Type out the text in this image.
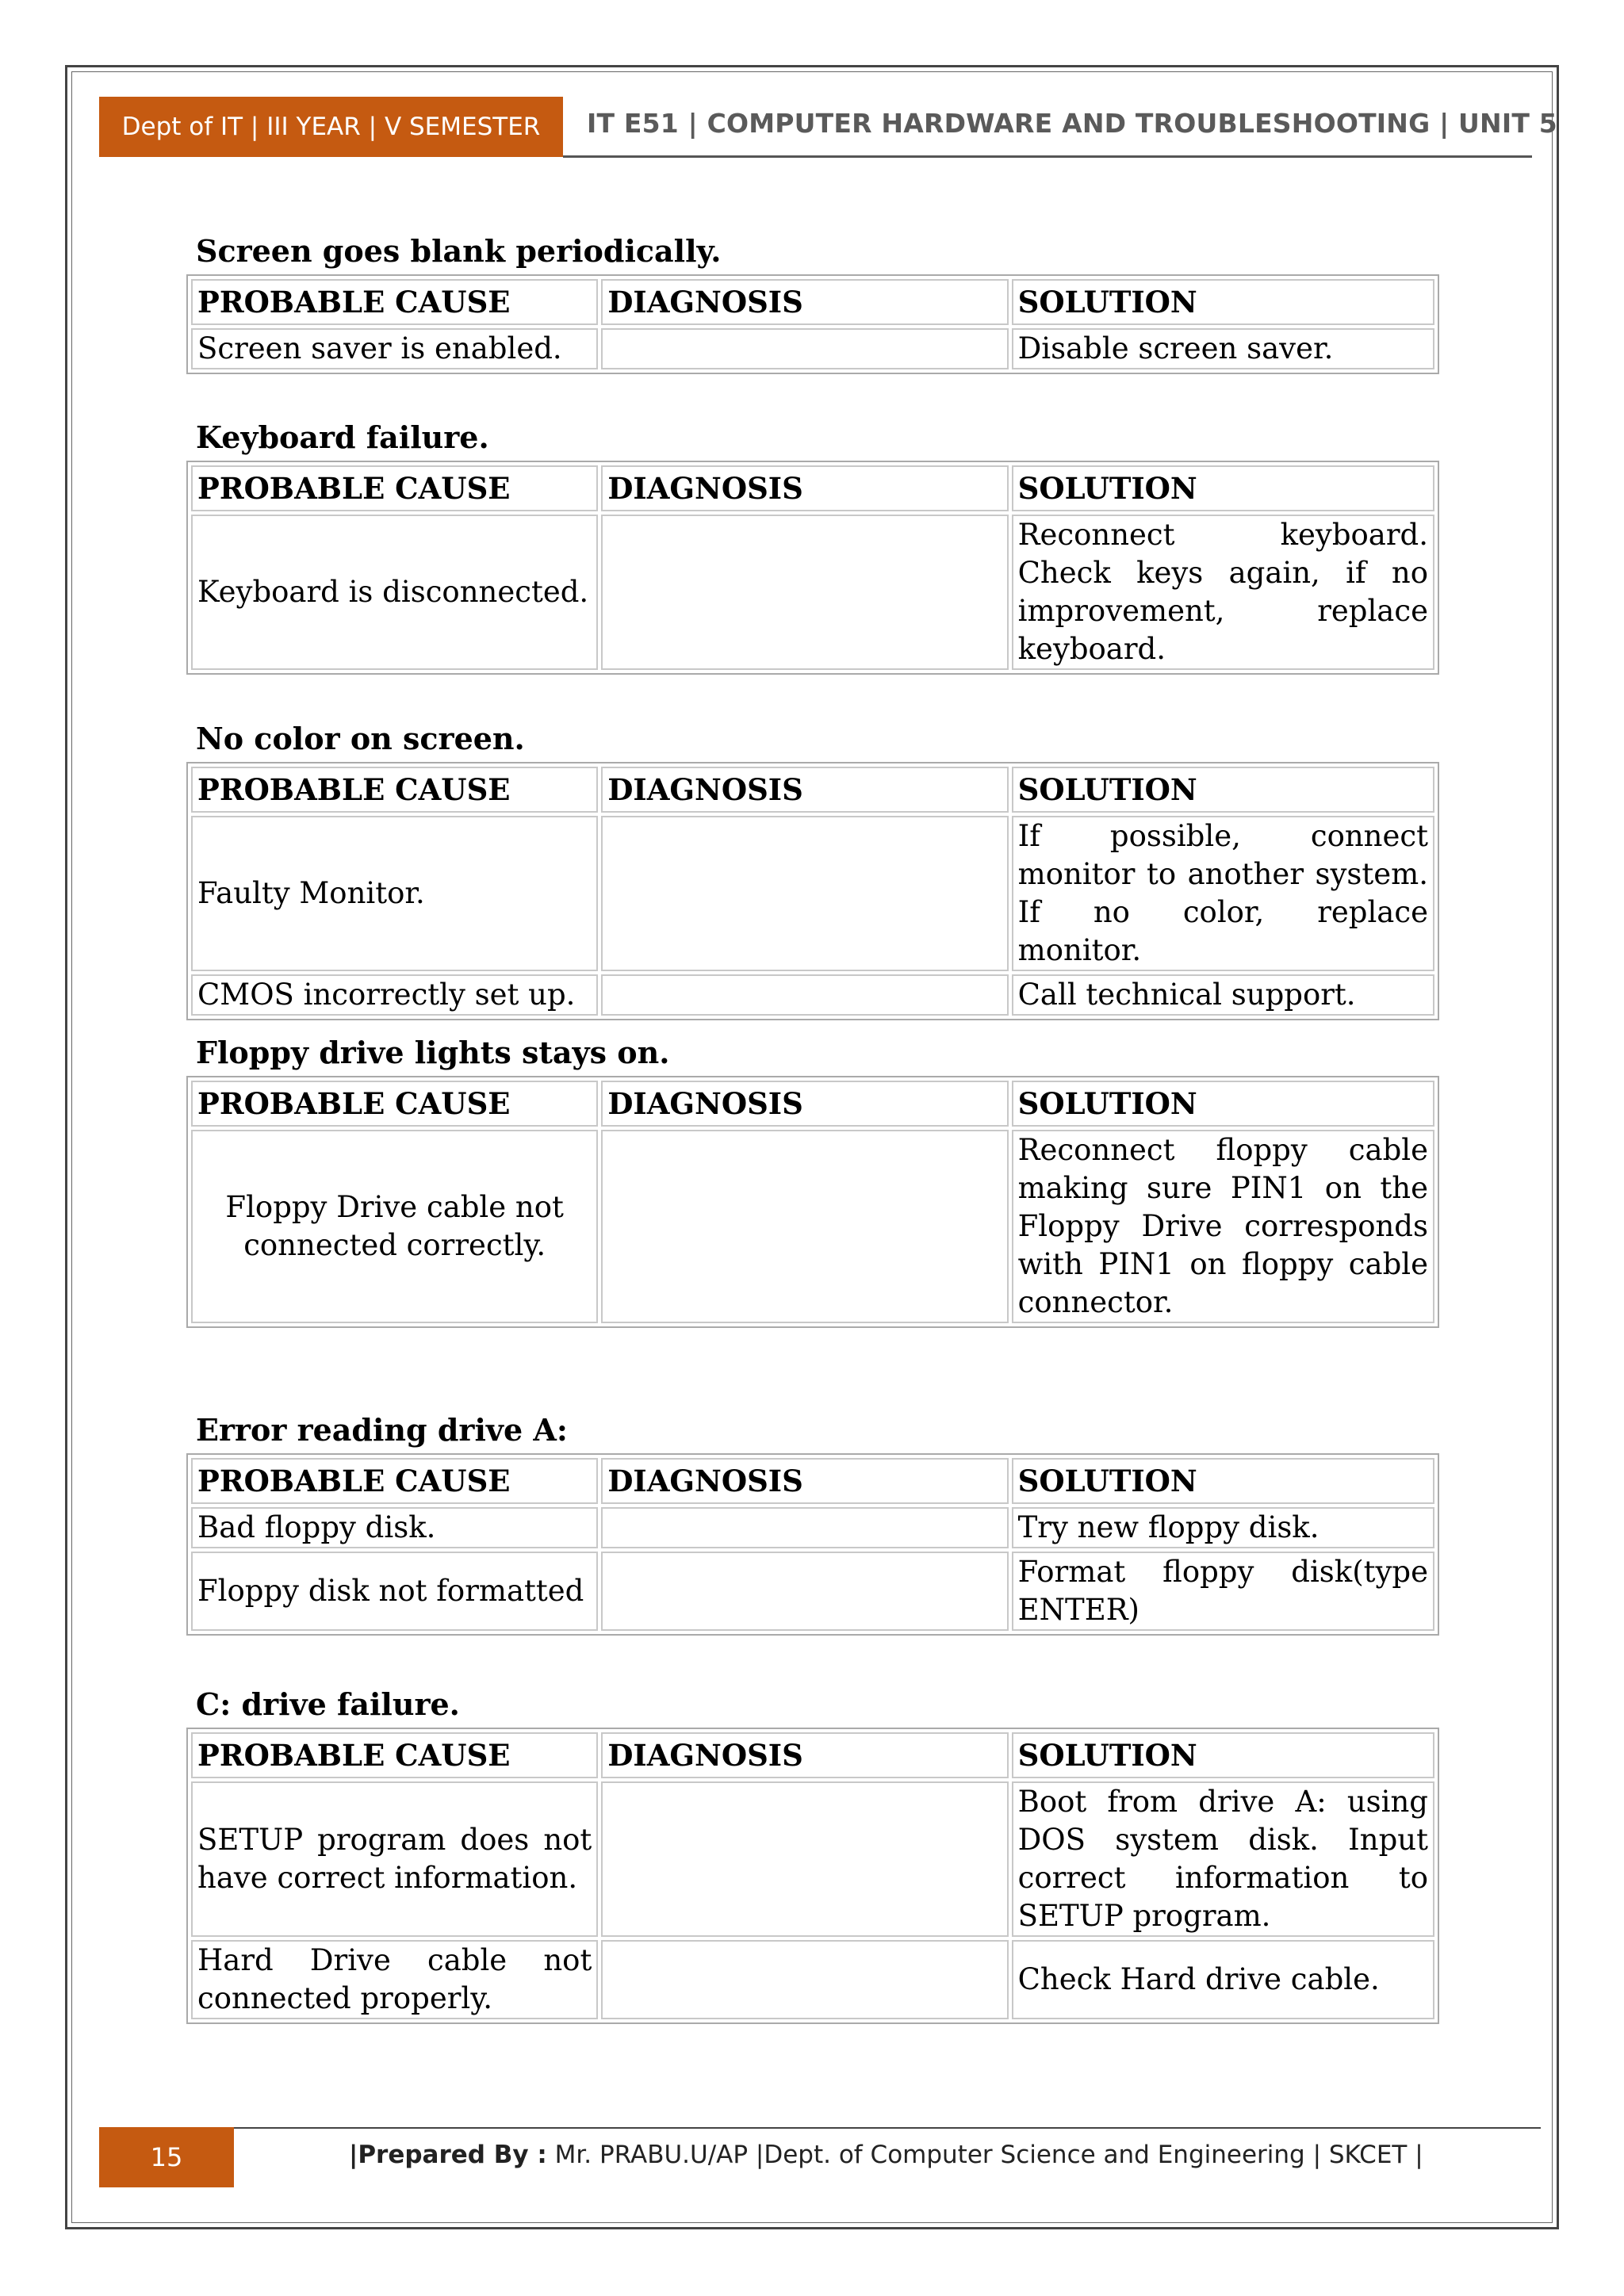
Dept of IT | III YEAR | V SEMESTER IT E51 | COMPUTER HARDWARE AND TROUBLESHOOTING | UNIT 5
Screen goes blank periodically.
PROBABLE CAUSE	DIAGNOSIS	SOLUTION
Screen saver is enabled.		Disable screen saver.
Keyboard failure.
PROBABLE CAUSE	DIAGNOSIS	SOLUTION
Keyboard is disconnected.		Reconnect keyboard. Check keys again, if no improvement, replace keyboard.
No color on screen.
PROBABLE CAUSE	DIAGNOSIS	SOLUTION
Faulty Monitor.		If possible, connect monitor to another system. If no color, replace monitor.
CMOS incorrectly set up.		Call technical support.
Floppy drive lights stays on.
PROBABLE CAUSE	DIAGNOSIS	SOLUTION
Floppy Drive cable not connected correctly.		Reconnect floppy cable making sure PIN1 on the Floppy Drive corresponds with PIN1 on floppy cable connector.
Error reading drive A:
PROBABLE CAUSE	DIAGNOSIS	SOLUTION
Bad floppy disk.		Try new floppy disk.
Floppy disk not formatted		Format floppy disk(type ENTER)
C: drive failure.
PROBABLE CAUSE	DIAGNOSIS	SOLUTION
SETUP program does not have correct information.		Boot from drive A: using DOS system disk. Input correct information to SETUP program.
Hard Drive cable not connected properly.		Check Hard drive cable.
15	|Prepared By : Mr. PRABU.U/AP |Dept. of Computer Science and Engineering | SKCET |
